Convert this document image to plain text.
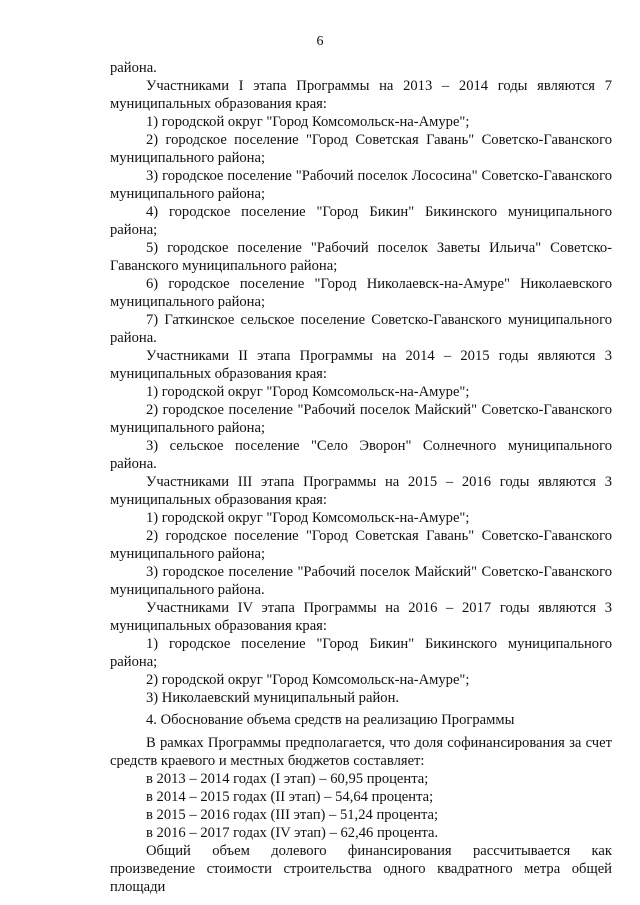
6

района.

Участниками I этапа Программы на 2013 – 2014 годы являются 7 муниципальных образования края:

1) городской округ "Город Комсомольск-на-Амуре";

2) городское поселение "Город Советская Гавань" Советско-Гаванского муниципального района;

3) городское поселение "Рабочий поселок Лососина" Советско-Гаванского муниципального района;

4) городское поселение "Город Бикин" Бикинского муниципального района;

5) городское поселение "Рабочий поселок Заветы Ильича" Советско-Гаванского муниципального района;

6) городское поселение "Город Николаевск-на-Амуре" Николаевского муниципального района;

7) Гаткинское сельское поселение Советско-Гаванского муниципального района.

Участниками II этапа Программы на 2014 – 2015 годы являются 3 муниципальных образования края:

1) городской округ "Город Комсомольск-на-Амуре";

2) городское поселение "Рабочий поселок Майский" Советско-Гаванского муниципального района;

3) сельское поселение "Село Эворон" Солнечного муниципального района.

Участниками III этапа Программы на 2015 – 2016 годы являются 3 муниципальных образования края:

1) городской округ "Город Комсомольск-на-Амуре";

2) городское поселение "Город Советская Гавань" Советско-Гаванского муниципального района;

3) городское поселение "Рабочий поселок Майский" Советско-Гаванского муниципального района.

Участниками IV этапа Программы на 2016 – 2017 годы являются 3 муниципальных образования края:

1) городское поселение "Город Бикин" Бикинского муниципального района;

2) городской округ "Город Комсомольск-на-Амуре";

3) Николаевский муниципальный район.

4. Обоснование объема средств на реализацию Программы

В рамках Программы предполагается, что доля софинансирования за счет средств краевого и местных бюджетов составляет:

в 2013 – 2014 годах (I этап) – 60,95 процента;

в 2014 – 2015 годах (II этап) – 54,64 процента;

в 2015 – 2016 годах (III этап) – 51,24 процента;

в 2016 – 2017 годах (IV этап) – 62,46 процента.

Общий объем долевого финансирования рассчитывается как произведение стоимости строительства одного квадратного метра общей площади
